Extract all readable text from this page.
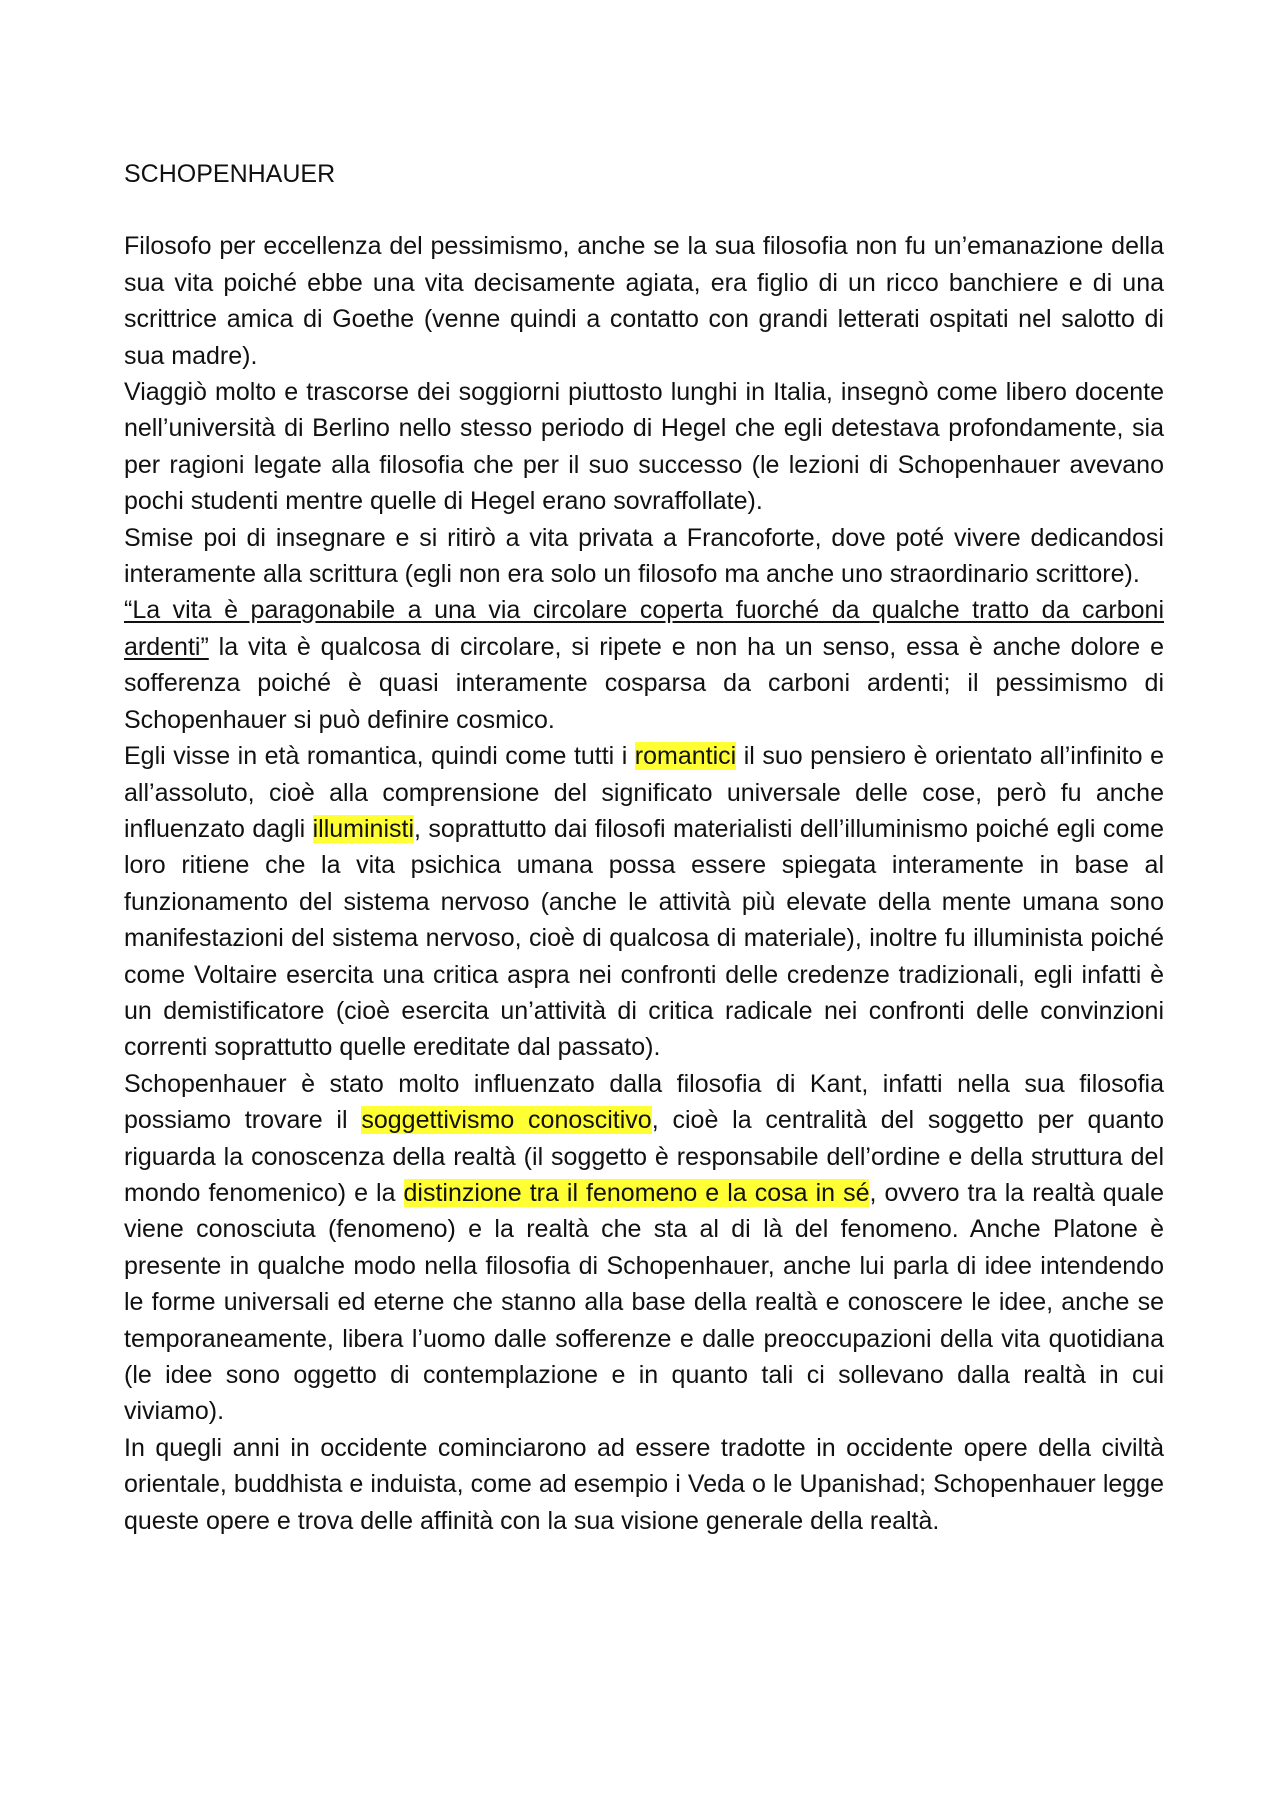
SCHOPENHAUER

Filosofo per eccellenza del pessimismo, anche se la sua filosofia non fu un’emanazione della sua vita poiché ebbe una vita decisamente agiata, era figlio di un ricco banchiere e di una scrittrice amica di Goethe (venne quindi a contatto con grandi letterati ospitati nel salotto di sua madre).

Viaggiò molto e trascorse dei soggiorni piuttosto lunghi in Italia, insegnò come libero docente nell’università di Berlino nello stesso periodo di Hegel che egli detestava profondamente, sia per ragioni legate alla filosofia che per il suo successo (le lezioni di Schopenhauer avevano pochi studenti mentre quelle di Hegel erano sovraffollate).

Smise poi di insegnare e si ritirò a vita privata a Francoforte, dove poté vivere dedicandosi interamente alla scrittura (egli non era solo un filosofo ma anche uno straordinario scrittore).

“La vita è paragonabile a una via circolare coperta fuorché da qualche tratto da carboni ardenti” la vita è qualcosa di circolare, si ripete e non ha un senso, essa è anche dolore e sofferenza poiché è quasi interamente cosparsa da carboni ardenti; il pessimismo di Schopenhauer si può definire cosmico.

Egli visse in età romantica, quindi come tutti i romantici il suo pensiero è orientato all’infinito e all’assoluto, cioè alla comprensione del significato universale delle cose, però fu anche influenzato dagli illuministi, soprattutto dai filosofi materialisti dell’illuminismo poiché egli come loro ritiene che la vita psichica umana possa essere spiegata interamente in base al funzionamento del sistema nervoso (anche le attività più elevate della mente umana sono manifestazioni del sistema nervoso, cioè di qualcosa di materiale), inoltre fu illuminista poiché come Voltaire esercita una critica aspra nei confronti delle credenze tradizionali, egli infatti è un demistificatore (cioè esercita un’attività di critica radicale nei confronti delle convinzioni correnti soprattutto quelle ereditate dal passato).

Schopenhauer è stato molto influenzato dalla filosofia di Kant, infatti nella sua filosofia possiamo trovare il soggettivismo conoscitivo, cioè la centralità del soggetto per quanto riguarda la conoscenza della realtà (il soggetto è responsabile dell’ordine e della struttura del mondo fenomenico) e la distinzione tra il fenomeno e la cosa in sé, ovvero tra la realtà quale viene conosciuta (fenomeno) e la realtà che sta al di là del fenomeno. Anche Platone è presente in qualche modo nella filosofia di Schopenhauer, anche lui parla di idee intendendo le forme universali ed eterne che stanno alla base della realtà e conoscere le idee, anche se temporaneamente, libera l’uomo dalle sofferenze e dalle preoccupazioni della vita quotidiana (le idee sono oggetto di contemplazione e in quanto tali ci sollevano dalla realtà in cui viviamo).

In quegli anni in occidente cominciarono ad essere tradotte in occidente opere della civiltà orientale, buddhista e induista, come ad esempio i Veda o le Upanishad; Schopenhauer legge queste opere e trova delle affinità con la sua visione generale della realtà.
